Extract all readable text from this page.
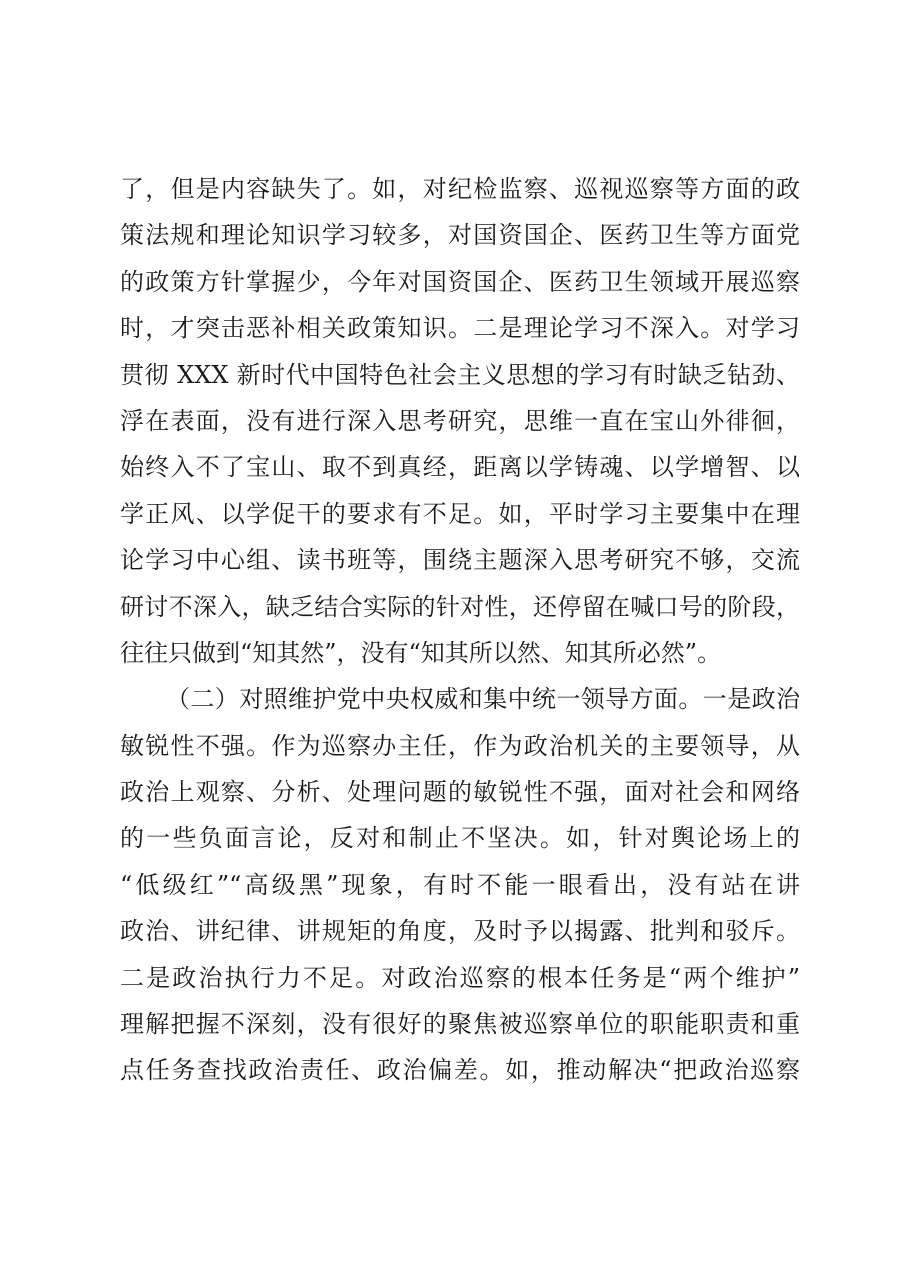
了，但是内容缺失了。如，对纪检监察、巡视巡察等方面的政
策法规和理论知识学习较多，对国资国企、医药卫生等方面党
的政策方针掌握少，今年对国资国企、医药卫生领域开展巡察
时，才突击恶补相关政策知识。二是理论学习不深入。对学习
贯彻 XXX 新时代中国特色社会主义思想的学习有时缺乏钻劲、
浮在表面，没有进行深入思考研究，思维一直在宝山外徘徊，
始终入不了宝山、取不到真经，距离以学铸魂、以学增智、以
学正风、以学促干的要求有不足。如，平时学习主要集中在理
论学习中心组、读书班等，围绕主题深入思考研究不够，交流
研讨不深入，缺乏结合实际的针对性，还停留在喊口号的阶段，
往往只做到“知其然”，没有“知其所以然、知其所必然”。
（二）对照维护党中央权威和集中统一领导方面。一是政治
敏锐性不强。作为巡察办主任，作为政治机关的主要领导，从
政治上观察、分析、处理问题的敏锐性不强，面对社会和网络
的一些负面言论，反对和制止不坚决。如，针对舆论场上的
“低级红”“高级黑”现象，有时不能一眼看出，没有站在讲
政治、讲纪律、讲规矩的角度，及时予以揭露、批判和驳斥。
二是政治执行力不足。对政治巡察的根本任务是“两个维护”
理解把握不深刻，没有很好的聚焦被巡察单位的职能职责和重
点任务查找政治责任、政治偏差。如，推动解决“把政治巡察
